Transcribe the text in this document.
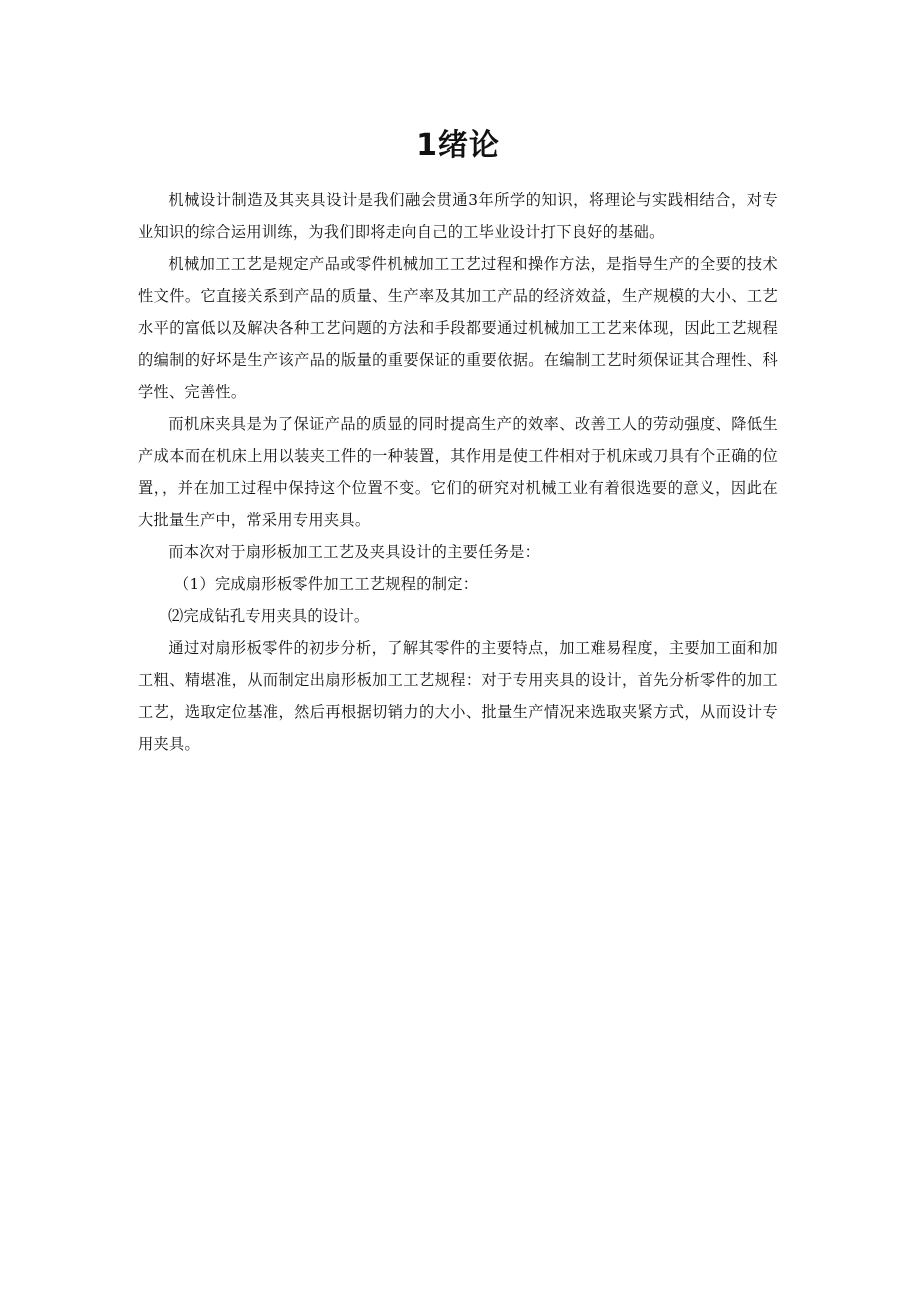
1绪论

机械设计制造及其夹具设计是我们融会贯通3年所学的知识，将理论与实践相结合，对专业知识的综合运用训练，为我们即将走向自己的工毕业设计打下良好的基础。

机械加工工艺是规定产品或零件机械加工工艺过程和操作方法，是指导生产的全要的技术性文件。它直接关系到产品的质量、生产率及其加工产品的经济效益，生产规模的大小、工艺水平的富低以及解决各种工艺问题的方法和手段都要通过机械加工工艺来体现，因此工艺规程的编制的好坏是生产该产品的版量的重要保证的重要依据。在编制工艺时须保证其合理性、科学性、完善性。

而机床夹具是为了保证产品的质显的同时提高生产的效率、改善工人的劳动强度、降低生产成本而在机床上用以装夹工件的一种装置，其作用是使工件相对于机床或刀具有个正确的位置，，并在加工过程中保持这个位置不变。它们的研究对机械工业有着很选要的意义，因此在大批量生产中，常采用专用夹具。

而本次对于扇形板加工工艺及夹具设计的主要任务是：

（1）完成扇形板零件加工工艺规程的制定：

⑵完成钻孔专用夹具的设计。

通过对扇形板零件的初步分析，了解其零件的主要特点，加工难易程度，主要加工面和加工粗、精堪准，从而制定出扇形板加工工艺规程：对于专用夹具的设计，首先分析零件的加工工艺，选取定位基准，然后再根据切销力的大小、批量生产情况来选取夹紧方式，从而设计专用夹具。
